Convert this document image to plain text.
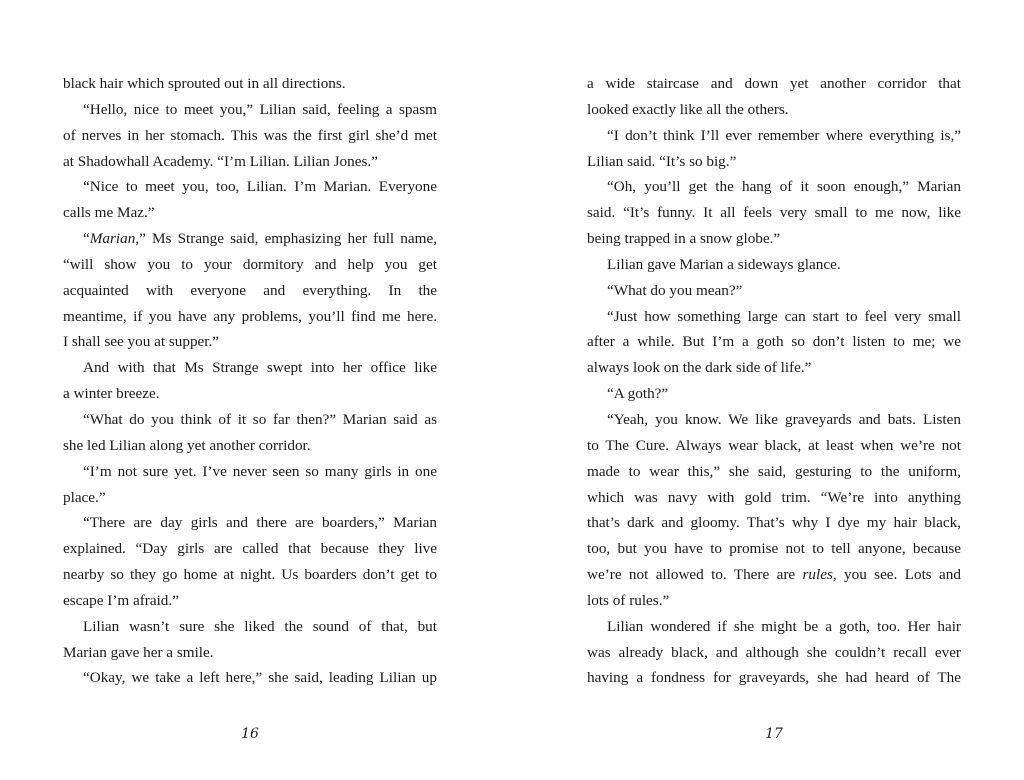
black hair which sprouted out in all directions.
“Hello, nice to meet you,” Lilian said, feeling a spasm
of nerves in her stomach. This was the first girl she’d met
at Shadowhall Academy. “I’m Lilian. Lilian Jones.”
“Nice to meet you, too, Lilian. I’m Marian. Everyone
calls me Maz.”
“Marian,” Ms Strange said, emphasizing her full name,
“will show you to your dormitory and help you get
acquainted with everyone and everything. In the
meantime, if you have any problems, you’ll find me here.
I shall see you at supper.”
And with that Ms Strange swept into her office like
a winter breeze.
“What do you think of it so far then?” Marian said as
she led Lilian along yet another corridor.
“I’m not sure yet. I’ve never seen so many girls in one
place.”
“There are day girls and there are boarders,” Marian
explained. “Day girls are called that because they live
nearby so they go home at night. Us boarders don’t get to
escape I’m afraid.”
Lilian wasn’t sure she liked the sound of that, but
Marian gave her a smile.
“Okay, we take a left here,” she said, leading Lilian up
16
a wide staircase and down yet another corridor that
looked exactly like all the others.
“I don’t think I’ll ever remember where everything is,”
Lilian said. “It’s so big.”
“Oh, you’ll get the hang of it soon enough,” Marian
said. “It’s funny. It all feels very small to me now, like
being trapped in a snow globe.”
Lilian gave Marian a sideways glance.
“What do you mean?”
“Just how something large can start to feel very small
after a while. But I’m a goth so don’t listen to me; we
always look on the dark side of life.”
“A goth?”
“Yeah, you know. We like graveyards and bats. Listen
to The Cure. Always wear black, at least when we’re not
made to wear this,” she said, gesturing to the uniform,
which was navy with gold trim. “We’re into anything
that’s dark and gloomy. That’s why I dye my hair black,
too, but you have to promise not to tell anyone, because
we’re not allowed to. There are rules, you see. Lots and
lots of rules.”
Lilian wondered if she might be a goth, too. Her hair
was already black, and although she couldn’t recall ever
having a fondness for graveyards, she had heard of The
17
